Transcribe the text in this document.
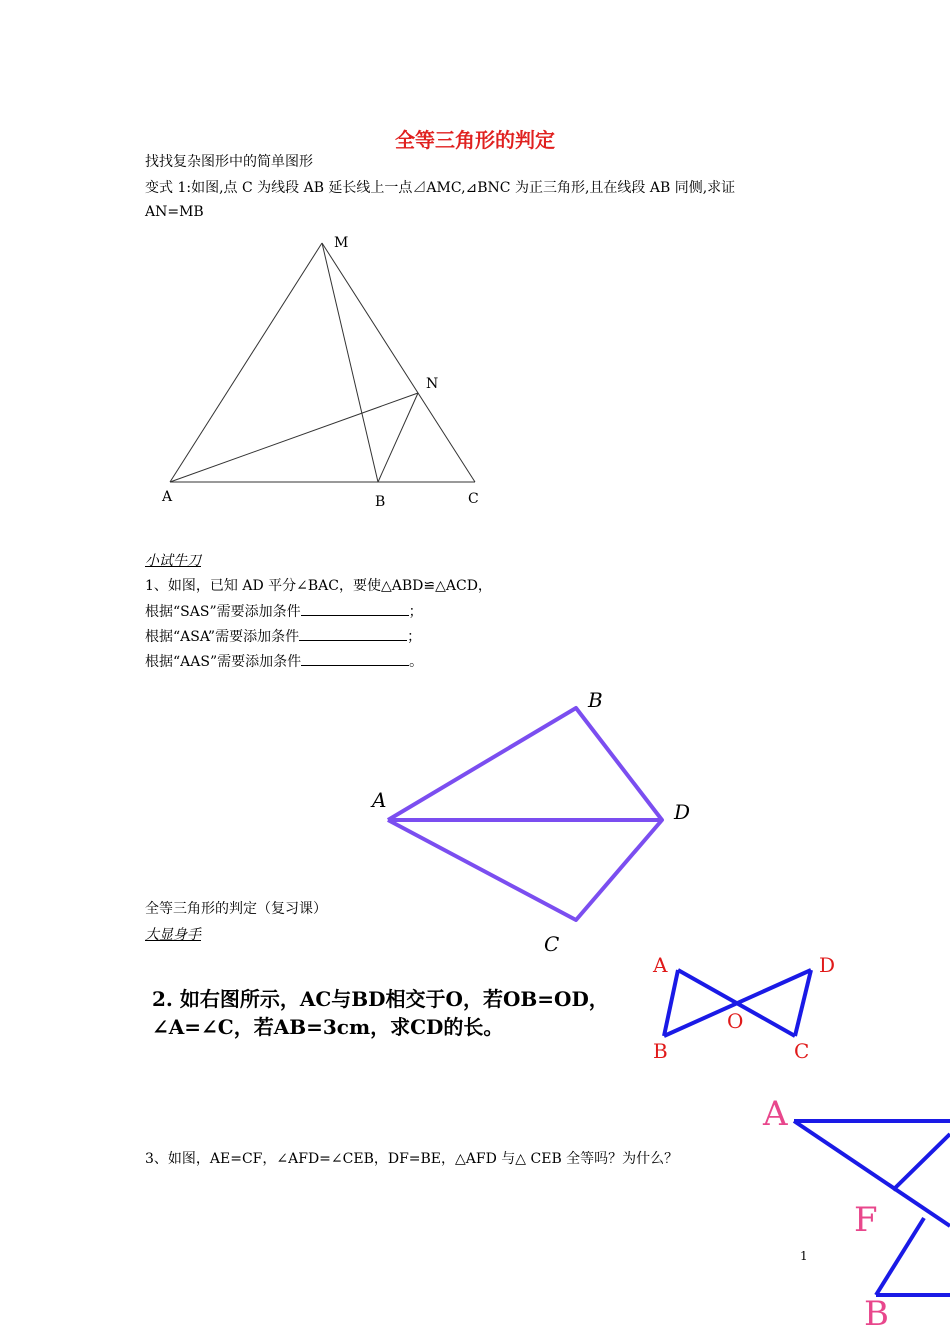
全等三角形的判定
找找复杂图形中的简单图形
变式 1:如图,点 C 为线段 AB 延长线上一点⊿AMC,⊿BNC 为正三角形,且在线段 AB 同侧,求证
AN=MB
M
N
A	B	C
小试牛刀
1、如图，已知 AD 平分∠BAC，要使△ABD≌△ACD，
根据“SAS”需要添加条件	；
根据“ASA”需要添加条件	；
根据“AAS”需要添加条件	。
B
A	D
C
全等三角形的判定（复习课）
大显身手
2. 如右图所示，AC与BD相交于O，若OB=OD，
∠A=∠C，若AB=3cm，求CD的长。
A	D
O
B	C
3、如图，AE=CF，∠AFD=∠CEB，DF=BE，△AFD 与△ CEB 全等吗？为什么？
A
F
B
1
